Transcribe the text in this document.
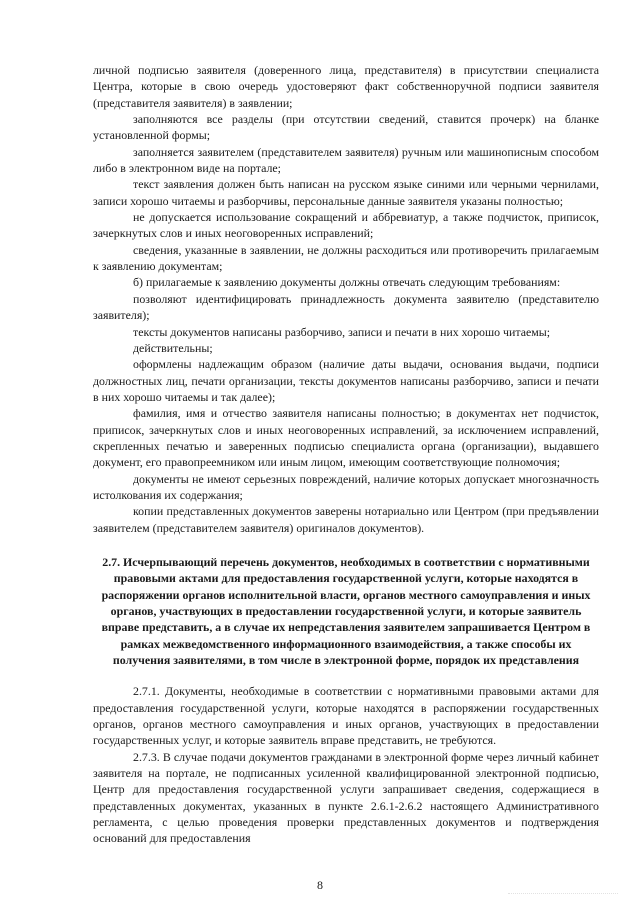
личной подписью заявителя (доверенного лица, представителя) в присутствии специалиста Центра, которые в свою очередь удостоверяют факт собственноручной подписи заявителя (представителя заявителя) в заявлении;

заполняются все разделы (при отсутствии сведений, ставится прочерк) на бланке установленной формы;

заполняется заявителем (представителем заявителя) ручным или машинописным способом либо в электронном виде на портале;

текст заявления должен быть написан на русском языке синими или черными чернилами, записи хорошо читаемы и разборчивы, персональные данные заявителя указаны полностью;

не допускается использование сокращений и аббревиатур, а также подчисток, приписок, зачеркнутых слов и иных неоговоренных исправлений;

сведения, указанные в заявлении, не должны расходиться или противоречить прилагаемым к заявлению документам;

б) прилагаемые к заявлению документы должны отвечать следующим требованиям:

позволяют идентифицировать принадлежность документа заявителю (представителю заявителя);

тексты документов написаны разборчиво, записи и печати в них хорошо читаемы;

действительны;

оформлены надлежащим образом (наличие даты выдачи, основания выдачи, подписи должностных лиц, печати организации, тексты документов написаны разборчиво, записи и печати в них хорошо читаемы и так далее);

фамилия, имя и отчество заявителя написаны полностью; в документах нет подчисток, приписок, зачеркнутых слов и иных неоговоренных исправлений, за исключением исправлений, скрепленных печатью и заверенных подписью специалиста органа (организации), выдавшего документ, его правопреемником или иным лицом, имеющим соответствующие полномочия;

документы не имеют серьезных повреждений, наличие которых допускает многозначность истолкования их содержания;

копии представленных документов заверены нотариально или Центром (при предъявлении заявителем (представителем заявителя) оригиналов документов).

2.7. Исчерпывающий перечень документов, необходимых в соответствии с нормативными правовыми актами для предоставления государственной услуги, которые находятся в распоряжении органов исполнительной власти, органов местного самоуправления и иных органов, участвующих в предоставлении государственной услуги, и которые заявитель вправе представить, а в случае их непредставления заявителем запрашивается Центром в рамках межведомственного информационного взаимодействия, а также способы их получения заявителями, в том числе в электронной форме, порядок их представления

2.7.1. Документы, необходимые в соответствии с нормативными правовыми актами для предоставления государственной услуги, которые находятся в распоряжении государственных органов, органов местного самоуправления и иных органов, участвующих в предоставлении государственных услуг, и которые заявитель вправе представить, не требуются.

2.7.3. В случае подачи документов гражданами в электронной форме через личный кабинет заявителя на портале, не подписанных усиленной квалифицированной электронной подписью, Центр для предоставления государственной услуги запрашивает сведения, содержащиеся в представленных документах, указанных в пункте 2.6.1-2.6.2 настоящего Административного регламента, с целью проведения проверки представленных документов и подтверждения оснований для предоставления

8
